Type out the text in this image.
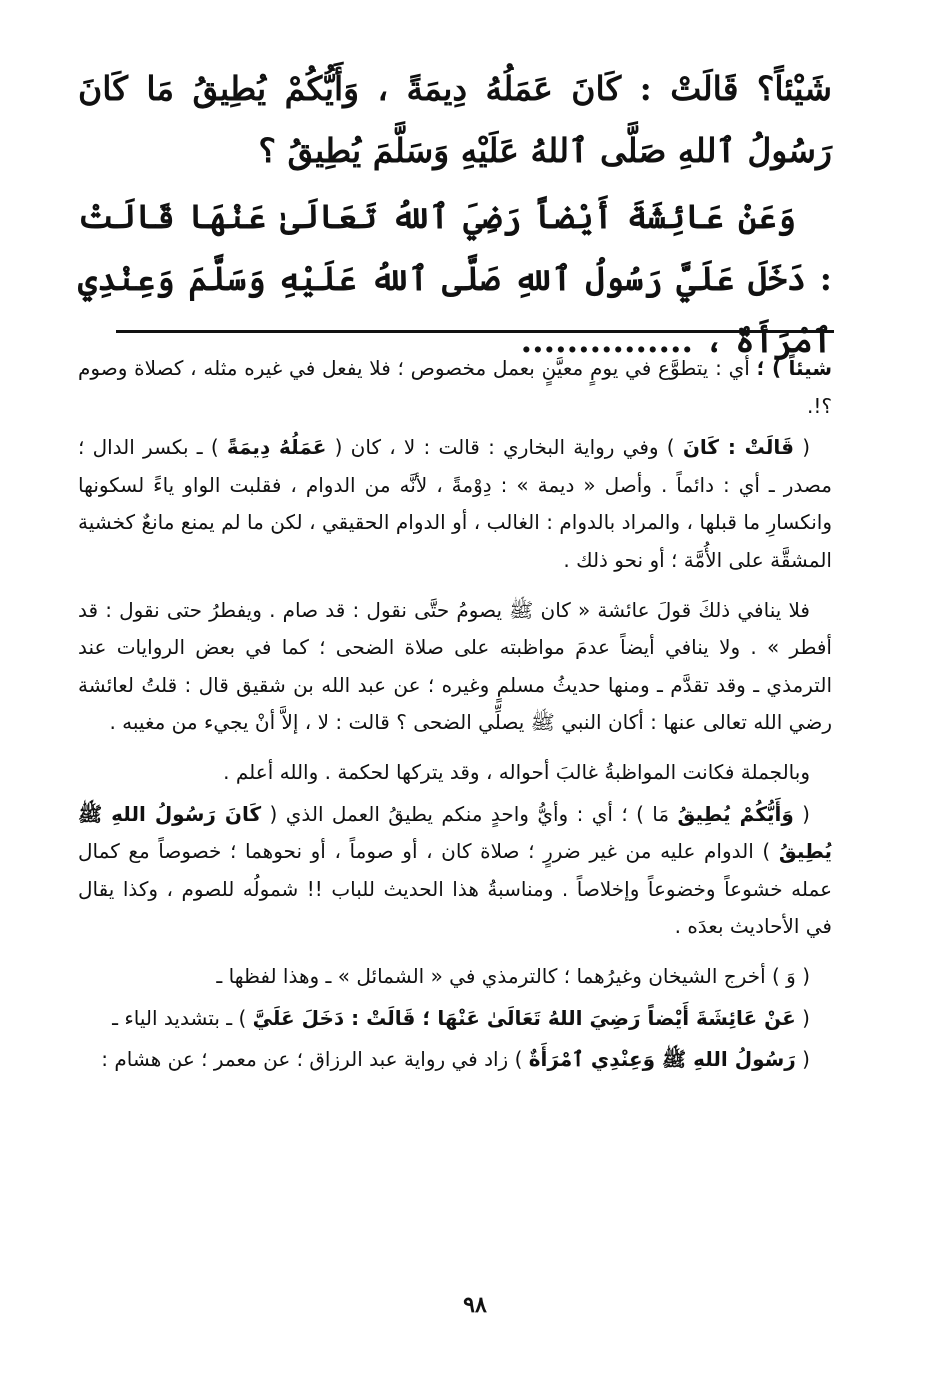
شَيْئاً؟ قَالَتْ : كَانَ عَمَلُهُ دِيمَةً ، وَأَيُّكُمْ يُطِيقُ مَا كَانَ رَسُولُ ٱللهِ صَلَّى ٱللهُ عَلَيْهِ وَسَلَّمَ يُطِيقُ ؟

وَعَنْ عَائِشَةَ أَيْضاً رَضِيَ ٱللهُ تَعَالَىٰ عَنْهَا قَالَتْ : دَخَلَ عَلَيَّ رَسُولُ ٱللهِ صَلَّى ٱللهُ عَلَيْهِ وَسَلَّمَ وَعِنْدِي ٱمْرَأَةٌ ، ...............

شيئاً ) ؛ أي : يتطوَّع في يومٍ معيَّنٍ بعمل مخصوص ؛ فلا يفعل في غيره مثله ، كصلاة وصوم ؟!.

( قَالَتْ : كَانَ ) وفي رواية البخاري : قالت : لا ، كان ( عَمَلُهُ دِيمَةً ) ـ بكسر الدال ؛ مصدر ـ أي : دائماً . وأصل « ديمة » : دِوْمةً ، لأنَّه من الدوام ، فقلبت الواو ياءً لسكونها وانكسارِ ما قبلها ، والمراد بالدوام : الغالب ، أو الدوام الحقيقي ، لكن ما لم يمنع مانعٌ كخشية المشقَّة على الأُمَّة ؛ أو نحو ذلك .

فلا ينافي ذلكَ قولَ عائشة « كان ﷺ يصومُ حتَّى نقول : قد صام . ويفطرُ حتى نقول : قد أفطر » . ولا ينافي أيضاً عدمَ مواظبته على صلاة الضحى ؛ كما في بعض الروايات عند الترمذي ـ وقد تقدَّم ـ ومنها حديثُ مسلمٍ وغيره ؛ عن عبد الله بن شقيق قال : قلتُ لعائشة رضي الله تعالى عنها : أكان النبي ﷺ يصلِّي الضحى ؟ قالت : لا ، إلاَّ أنْ يجيء من مغيبه .

وبالجملة فكانت المواظبةُ غالبَ أحواله ، وقد يتركها لحكمة . والله أعلم .

( وَأَيُّكُمْ يُطِيقُ مَا ) ؛ أي : وأيُّ واحدٍ منكم يطيقُ العمل الذي ( كَانَ رَسُولُ اللهِ ﷺ يُطِيقُ ) الدوام عليه من غير ضررٍ ؛ صلاة كان ، أو صوماً ، أو نحوهما ؛ خصوصاً مع كمال عمله خشوعاً وخضوعاً وإخلاصاً . ومناسبةُ هذا الحديث للباب !! شمولُه للصوم ، وكذا يقال في الأحاديث بعدَه .

( وَ ) أخرج الشيخان وغيرُهما ؛ كالترمذي في « الشمائل » ـ وهذا لفظها ـ

( عَنْ عَائِشَةَ أَيْضاً رَضِيَ اللهُ تَعَالَىٰ عَنْهَا ؛ قَالَتْ : دَخَلَ عَلَيَّ ) ـ بتشديد الياء ـ

( رَسُولُ اللهِ ﷺ وَعِنْدِي ٱمْرَأَةٌ ) زاد في رواية عبد الرزاق ؛ عن معمر ؛ عن هشام :

٩٨
